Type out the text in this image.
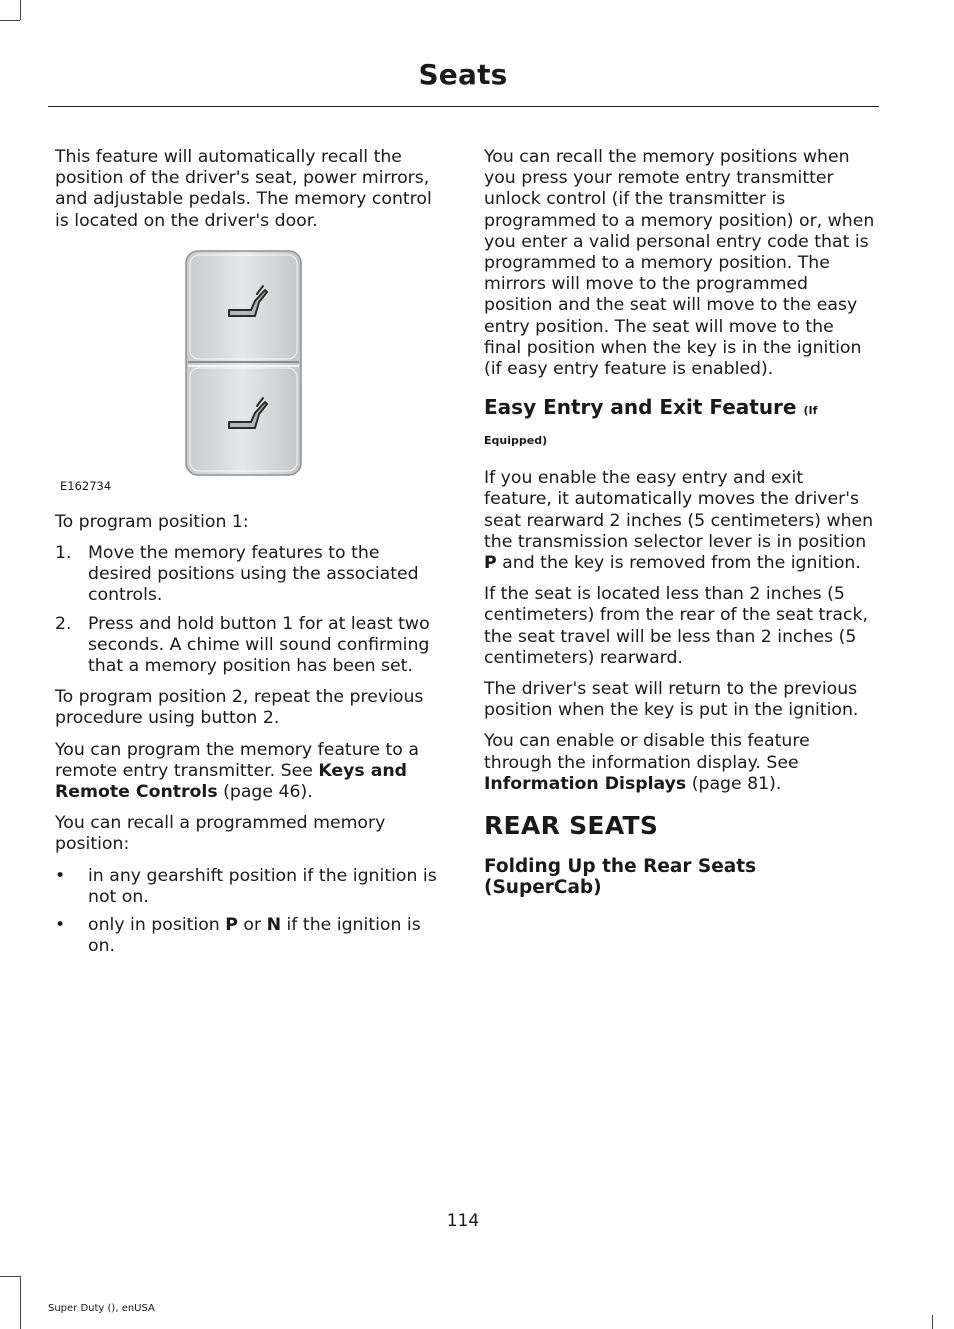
Seats

This feature will automatically recall the position of the driver's seat, power mirrors, and adjustable pedals. The memory control is located on the driver's door.

To program position 1:

1. Move the memory features to the desired positions using the associated controls.
2. Press and hold button 1 for at least two seconds. A chime will sound confirming that a memory position has been set.

To program position 2, repeat the previous procedure using button 2.

You can program the memory feature to a remote entry transmitter. See Keys and Remote Controls (page 46).

You can recall a programmed memory position:

•	in any gearshift position if the ignition is not on.
•	only in position P or N if the ignition is on.
E162734

You can recall the memory positions when you press your remote entry transmitter unlock control (if the transmitter is programmed to a memory position) or, when you enter a valid personal entry code that is programmed to a memory position. The mirrors will move to the programmed position and the seat will move to the easy entry position. The seat will move to the final position when the key is in the ignition (if easy entry feature is enabled).

Easy Entry and Exit Feature (If Equipped)

If you enable the easy entry and exit feature, it automatically moves the driver's seat rearward 2 inches (5 centimeters) when the transmission selector lever is in position P and the key is removed from the ignition.

If the seat is located less than 2 inches (5 centimeters) from the rear of the seat track, the seat travel will be less than 2 inches (5 centimeters) rearward.

The driver's seat will return to the previous position when the key is put in the ignition.

You can enable or disable this feature through the information display. See Information Displays (page 81).

REAR SEATS
Folding Up the Rear Seats (SuperCab)
114
Super Duty (), enUSA
